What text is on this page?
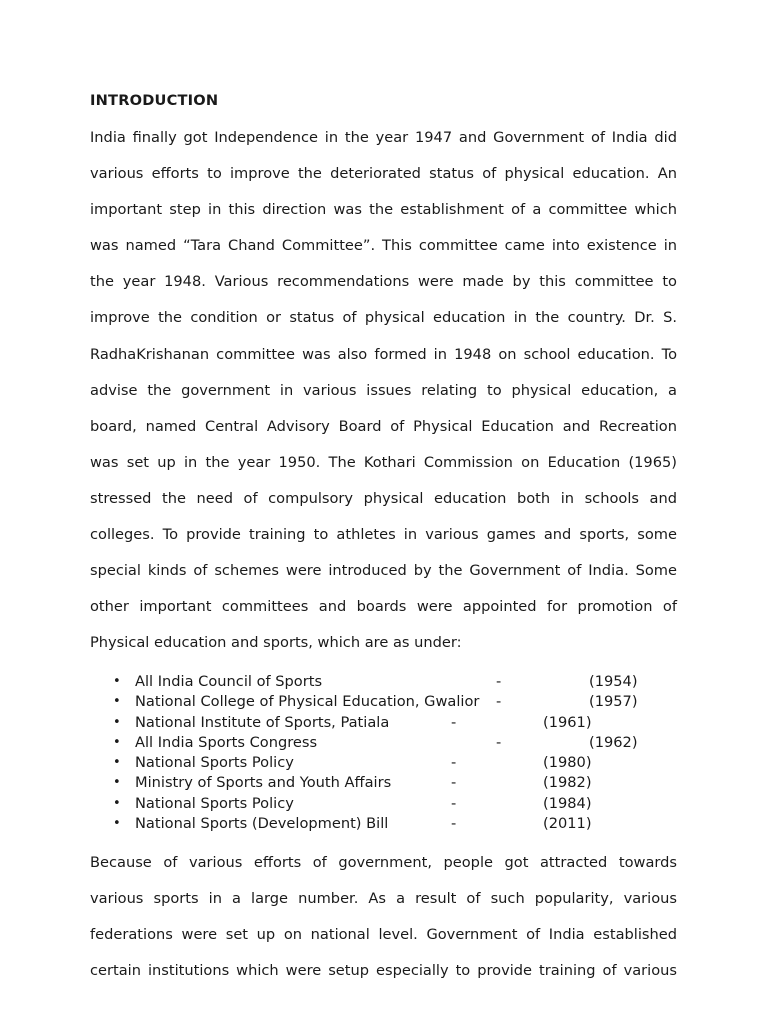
INTRODUCTION

India finally got Independence in the year 1947 and Government of India did
various efforts to improve the deteriorated status of physical education. An
important step in this direction was the establishment of a committee which
was named “Tara Chand Committee”. This committee came into existence in
the year 1948. Various recommendations were made by this committee to
improve the condition or status of physical education in the country. Dr. S.
RadhaKrishanan committee was also formed in 1948 on school education. To
advise the government in various issues relating to physical education, a
board, named Central Advisory Board of Physical Education and Recreation
was set up in the year 1950. The Kothari Commission on Education (1965)
stressed the need of compulsory physical education both in schools and
colleges. To provide training to athletes in various games and sports, some
special kinds of schemes were introduced by the Government of India. Some
other important committees and boards were appointed for promotion of
Physical education and sports, which are as under:

• All India Council of Sports	-	(1954)
• National College of Physical Education, Gwalior -	(1957)
• National Institute of Sports, Patiala	-	(1961)
• All India Sports Congress	-	(1962)
• National Sports Policy	-	(1980)
• Ministry of Sports and Youth Affairs	-	(1982)
• National Sports Policy	-	(1984)
• National Sports (Development) Bill	-	(2011)

Because of various efforts of government, people got attracted towards
various sports in a large number. As a result of such popularity, various
federations were set up on national level. Government of India established
certain institutions which were setup especially to provide training of various
